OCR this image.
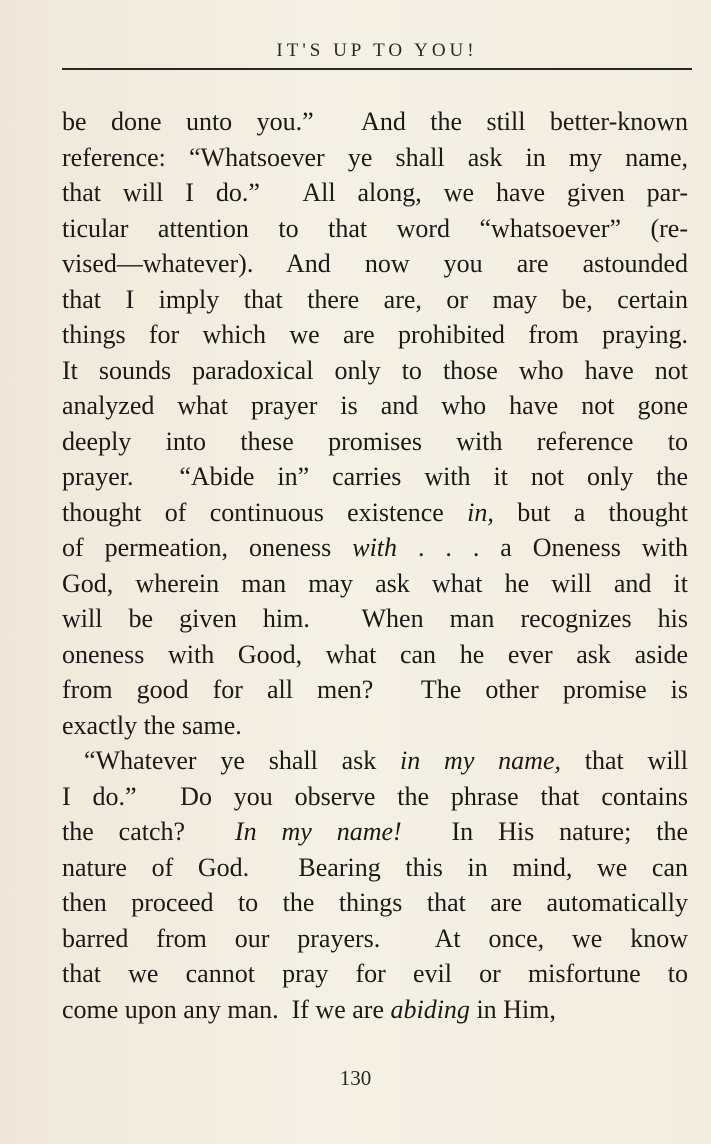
IT'S UP TO YOU!
be done unto you.”  And the still better-known
reference: “Whatsoever ye shall ask in my name,
that will I do.”  All along, we have given par-
ticular attention to that word “whatsoever” (re-
vised—whatever). And now you are astounded
that I imply that there are, or may be, certain
things for which we are prohibited from praying.
It sounds paradoxical only to those who have not
analyzed what prayer is and who have not gone
deeply into these promises with reference to
prayer.  “Abide in” carries with it not only the
thought of continuous existence in, but a thought
of permeation, oneness with . . . a Oneness with
God, wherein man may ask what he will and it
will be given him.  When man recognizes his
oneness with Good, what can he ever ask aside
from good for all men?  The other promise is
exactly the same.
“Whatever ye shall ask in my name, that will
I do.”  Do you observe the phrase that contains
the catch?  In my name!  In His nature; the
nature of God.  Bearing this in mind, we can
then proceed to the things that are automatically
barred from our prayers.  At once, we know
that we cannot pray for evil or misfortune to
come upon any man.  If we are abiding in Him,
130
